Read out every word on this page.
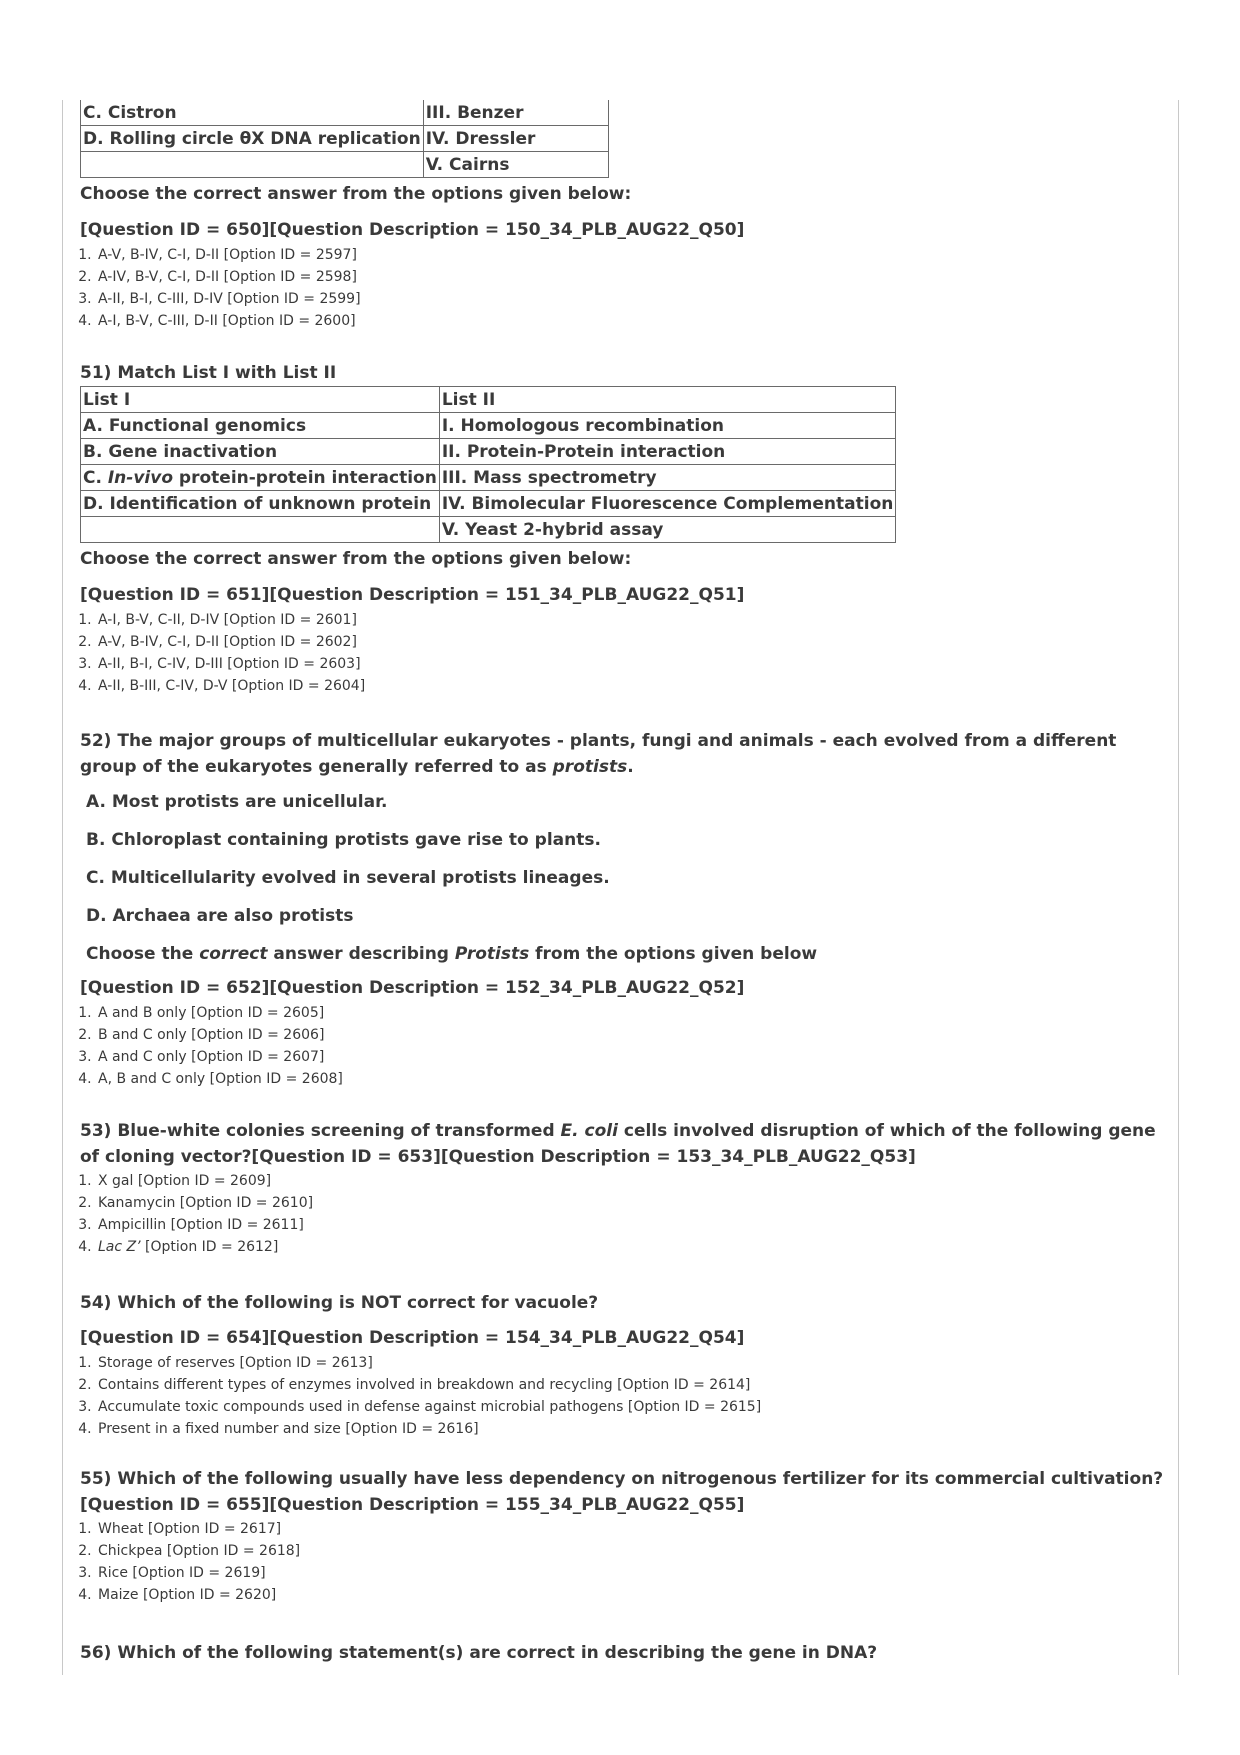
C. Cistron	III. Benzer
D. Rolling circle θX DNA replication	IV. Dressler
	V. Cairns

Choose the correct answer from the options given below:

[Question ID = 650][Question Description = 150_34_PLB_AUG22_Q50]

1. A-V, B-IV, C-I, D-II [Option ID = 2597]
2. A-IV, B-V, C-I, D-II [Option ID = 2598]
3. A-II, B-I, C-III, D-IV [Option ID = 2599]
4. A-I, B-V, C-III, D-II [Option ID = 2600]

51) Match List I with List II

List I	List II
A. Functional genomics	I. Homologous recombination
B. Gene inactivation	II. Protein-Protein interaction
C. In-vivo protein-protein interaction	III. Mass spectrometry
D. Identification of unknown protein	IV. Bimolecular Fluorescence Complementation
	V. Yeast 2-hybrid assay

Choose the correct answer from the options given below:

[Question ID = 651][Question Description = 151_34_PLB_AUG22_Q51]

1. A-I, B-V, C-II, D-IV [Option ID = 2601]
2. A-V, B-IV, C-I, D-II [Option ID = 2602]
3. A-II, B-I, C-IV, D-III [Option ID = 2603]
4. A-II, B-III, C-IV, D-V [Option ID = 2604]

52) The major groups of multicellular eukaryotes - plants, fungi and animals - each evolved from a different group of the eukaryotes generally referred to as protists.

A. Most protists are unicellular.

B. Chloroplast containing protists gave rise to plants.

C. Multicellularity evolved in several protists lineages.

D. Archaea are also protists

Choose the correct answer describing Protists from the options given below

[Question ID = 652][Question Description = 152_34_PLB_AUG22_Q52]

1. A and B only [Option ID = 2605]
2. B and C only [Option ID = 2606]
3. A and C only [Option ID = 2607]
4. A, B and C only [Option ID = 2608]

53) Blue-white colonies screening of transformed E. coli cells involved disruption of which of the following gene of cloning vector?[Question ID = 653][Question Description = 153_34_PLB_AUG22_Q53]

1. X gal [Option ID = 2609]
2. Kanamycin [Option ID = 2610]
3. Ampicillin [Option ID = 2611]
4. Lac Z’ [Option ID = 2612]

54) Which of the following is NOT correct for vacuole?

[Question ID = 654][Question Description = 154_34_PLB_AUG22_Q54]

1. Storage of reserves [Option ID = 2613]
2. Contains different types of enzymes involved in breakdown and recycling [Option ID = 2614]
3. Accumulate toxic compounds used in defense against microbial pathogens [Option ID = 2615]
4. Present in a fixed number and size [Option ID = 2616]

55) Which of the following usually have less dependency on nitrogenous fertilizer for its commercial cultivation?[Question ID = 655][Question Description = 155_34_PLB_AUG22_Q55]

1. Wheat [Option ID = 2617]
2. Chickpea [Option ID = 2618]
3. Rice [Option ID = 2619]
4. Maize [Option ID = 2620]

56) Which of the following statement(s) are correct in describing the gene in DNA?
